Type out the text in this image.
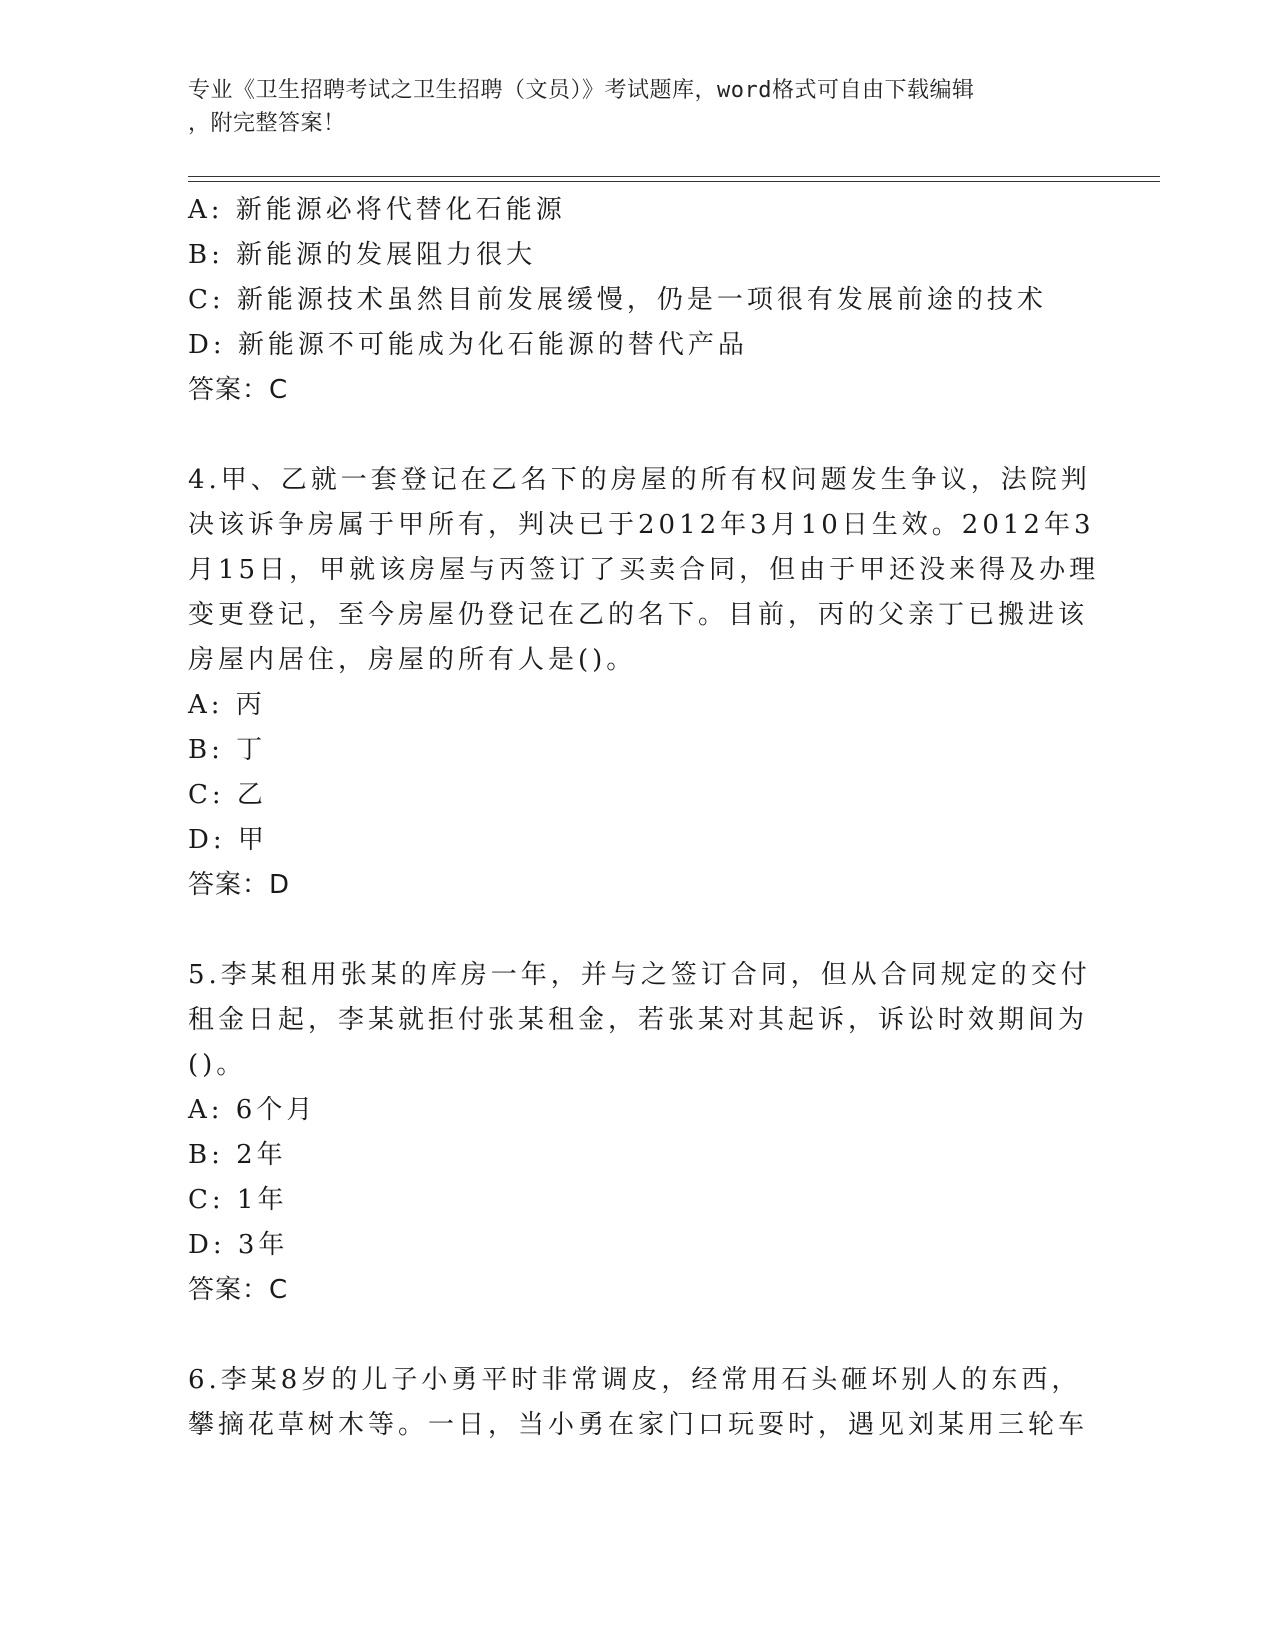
专业《卫生招聘考试之卫生招聘（文员）》考试题库，word格式可自由下载编辑
，附完整答案！
A: 新能源必将代替化石能源
B: 新能源的发展阻力很大
C: 新能源技术虽然目前发展缓慢，仍是一项很有发展前途的技术
D: 新能源不可能成为化石能源的替代产品
答案：C
4.甲、乙就一套登记在乙名下的房屋的所有权问题发生争议，法院判
决该诉争房属于甲所有，判决已于2012年3月10日生效。2012年3
月15日，甲就该房屋与丙签订了买卖合同，但由于甲还没来得及办理
变更登记，至今房屋仍登记在乙的名下。目前，丙的父亲丁已搬进该
房屋内居住，房屋的所有人是()。
A: 丙
B: 丁
C: 乙
D: 甲
答案：D
5.李某租用张某的库房一年，并与之签订合同，但从合同规定的交付
租金日起，李某就拒付张某租金，若张某对其起诉，诉讼时效期间为
()。
A: 6个月
B: 2年
C: 1年
D: 3年
答案：C
6.李某8岁的儿子小勇平时非常调皮，经常用石头砸坏别人的东西，
攀摘花草树木等。一日，当小勇在家门口玩耍时，遇见刘某用三轮车
